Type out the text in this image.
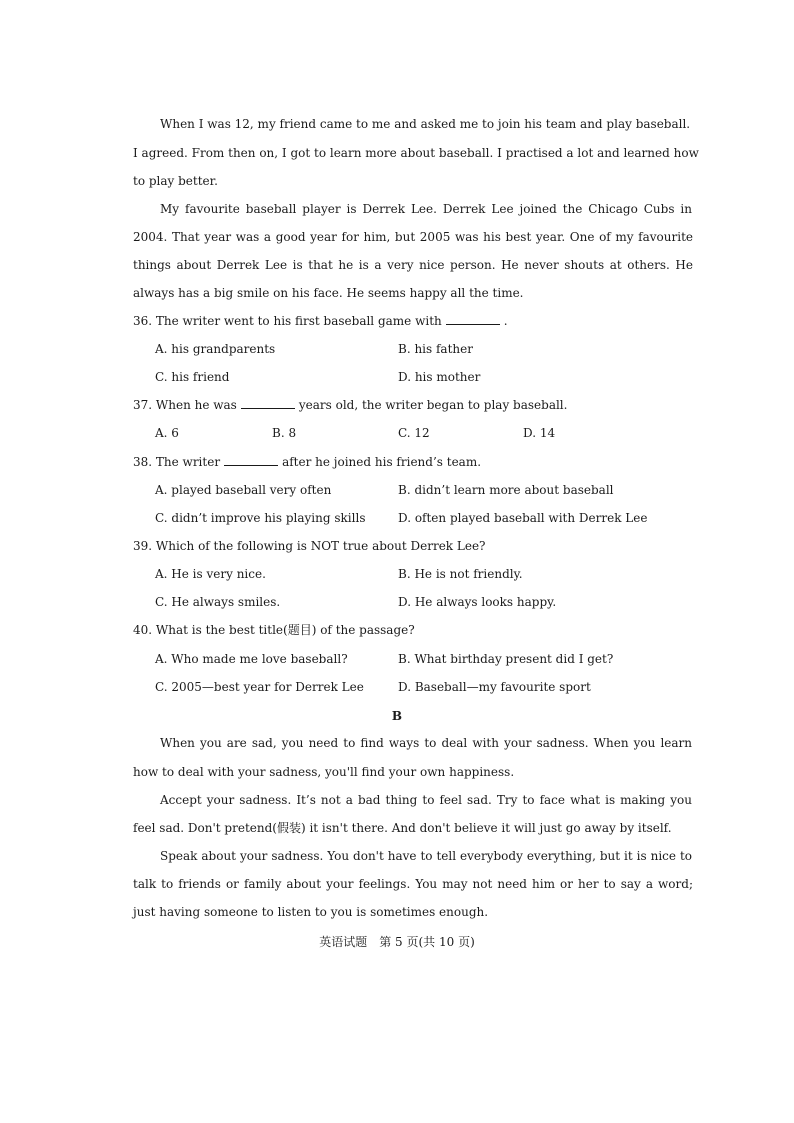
When I was 12, my friend came to me and asked me to join his team and play baseball.
I agreed. From then on, I got to learn more about baseball. I practised a lot and learned how
to play better.
My favourite baseball player is Derrek Lee. Derrek Lee joined the Chicago Cubs in
2004. That year was a good year for him, but 2005 was his best year. One of my favourite
things about Derrek Lee is that he is a very nice person. He never shouts at others. He
always has a big smile on his face. He seems happy all the time.
36. The writer went to his first baseball game with	.
A. his grandparents	B. his father
C. his friend	D. his mother
37. When he was	years old, the writer began to play baseball.
A. 6	B. 8	C. 12	D. 14
38. The writer	after he joined his friend’s team.
A. played baseball very often	B. didn’t learn more about baseball
C. didn’t improve his playing skills	D. often played baseball with Derrek Lee
39. Which of the following is NOT true about Derrek Lee?
A. He is very nice.	B. He is not friendly.
C. He always smiles.	D. He always looks happy.
40. What is the best title(题目) of the passage?
A. Who made me love baseball?	B. What birthday present did I get?
C. 2005—best year for Derrek Lee	D. Baseball—my favourite sport
B
When you are sad, you need to find ways to deal with your sadness. When you learn
how to deal with your sadness, you'll find your own happiness.
Accept your sadness. It’s not a bad thing to feel sad. Try to face what is making you
feel sad. Don't pretend(假装) it isn't there. And don't believe it will just go away by itself.
Speak about your sadness. You don't have to tell everybody everything, but it is nice to
talk to friends or family about your feelings. You may not need him or her to say a word;
just having someone to listen to you is sometimes enough.
英语试题　第 5 页(共 10 页)
